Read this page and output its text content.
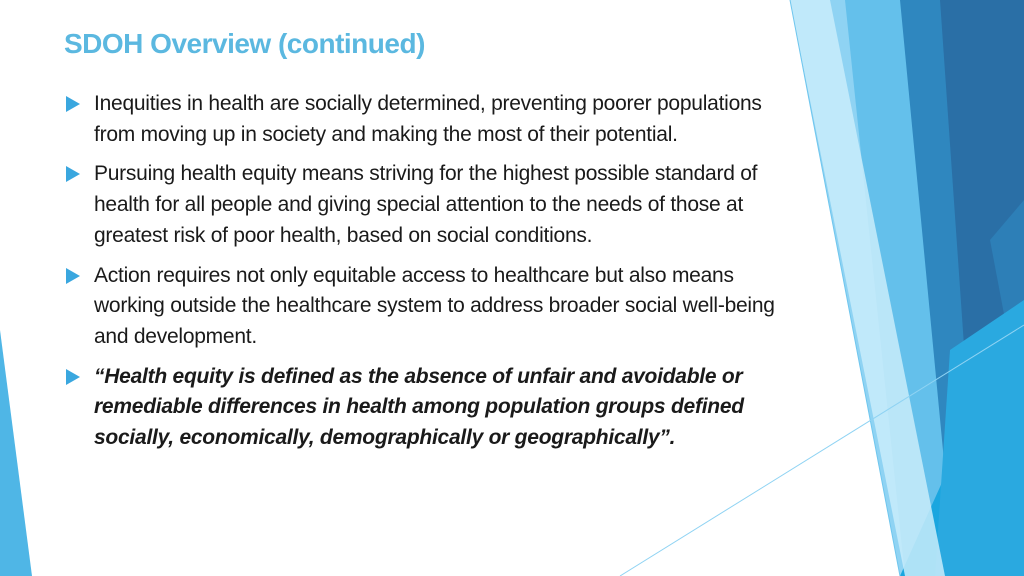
SDOH Overview (continued)
Inequities in health are socially determined, preventing poorer populations from moving up in society and making the most of their potential.
Pursuing health equity means striving for the highest possible standard of health for all people and giving special attention to the needs of those at greatest risk of poor health, based on social conditions.
Action requires not only equitable access to healthcare but also means working outside the healthcare system to address broader social well-being and development.
“Health equity is defined as the absence of unfair and avoidable or remediable differences in health among population groups defined socially, economically, demographically or geographically”.
